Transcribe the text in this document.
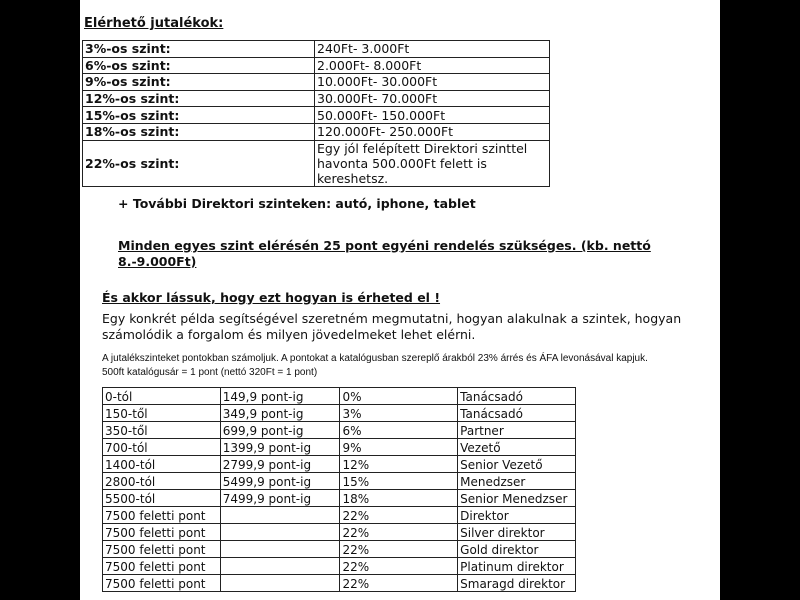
Elérhető jutalékok:
3%-os szint:	240Ft- 3.000Ft
6%-os szint:	2.000Ft- 8.000Ft
9%-os szint:	10.000Ft- 30.000Ft
12%-os szint:	30.000Ft- 70.000Ft
15%-os szint:	50.000Ft- 150.000Ft
18%-os szint:	120.000Ft- 250.000Ft
22%-os szint:	Egy jól felépített Direktori szinttel havonta 500.000Ft felett is kereshetsz.
+ További Direktori szinteken: autó, iphone, tablet
Minden egyes szint elérésén 25 pont egyéni rendelés szükséges. (kb. nettó 8.-9.000Ft)
És akkor lássuk, hogy ezt hogyan is érheted el !
Egy konkrét példa segítségével szeretném megmutatni, hogyan alakulnak a szintek, hogyan számolódik a forgalom és milyen jövedelmeket lehet elérni.
A jutalékszinteket pontokban számoljuk. A pontokat a katalógusban szereplő árakból 23% árrés és ÁFA levonásával kapjuk.
500ft katalógusár = 1 pont (nettó 320Ft = 1 pont)
0-tól	149,9 pont-ig	0%	Tanácsadó
150-től	349,9 pont-ig	3%	Tanácsadó
350-től	699,9 pont-ig	6%	Partner
700-tól	1399,9 pont-ig	9%	Vezető
1400-tól	2799,9 pont-ig	12%	Senior Vezető
2800-tól	5499,9 pont-ig	15%	Menedzser
5500-tól	7499,9 pont-ig	18%	Senior Menedzser
7500 feletti pont		22%	Direktor
7500 feletti pont		22%	Silver direktor
7500 feletti pont		22%	Gold direktor
7500 feletti pont		22%	Platinum direktor
7500 feletti pont		22%	Smaragd direktor
